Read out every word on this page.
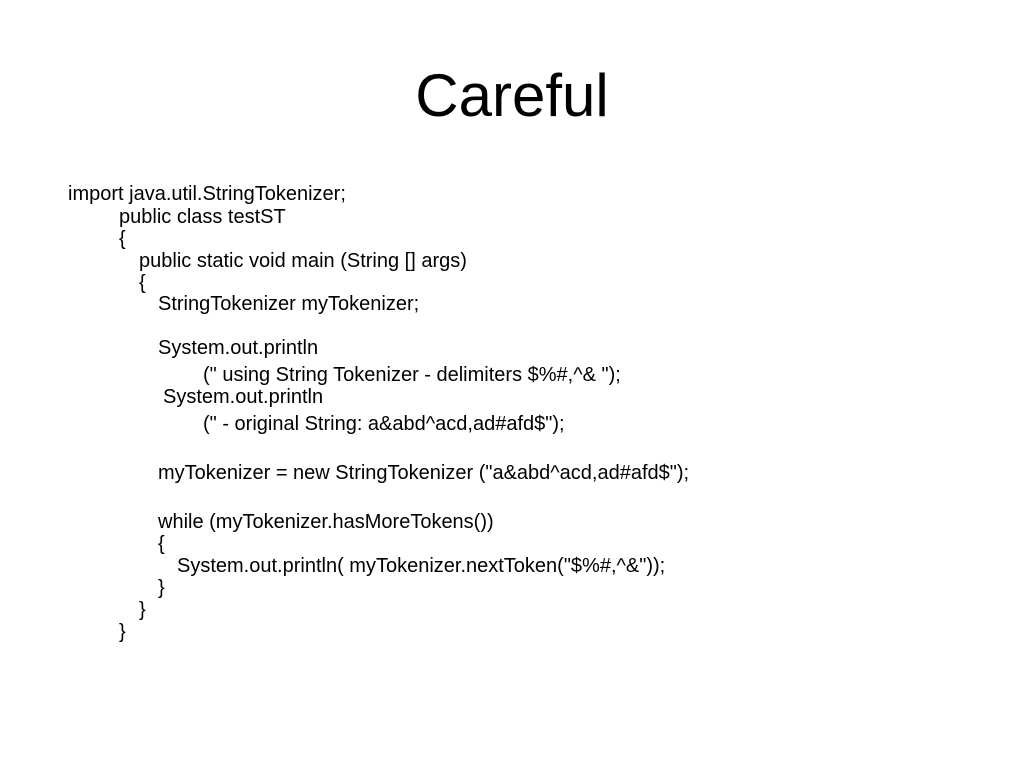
Careful
import java.util.StringTokenizer;
public class testST
{
public static void main (String [] args)
{
StringTokenizer myTokenizer;
System.out.println
(" using String Tokenizer - delimiters $%#,^& ");
System.out.println
(" - original String: a&abd^acd,ad#afd$");
myTokenizer = new StringTokenizer ("a&abd^acd,ad#afd$");
while (myTokenizer.hasMoreTokens())
{
System.out.println( myTokenizer.nextToken("$%#,^&"));
}
}
}
